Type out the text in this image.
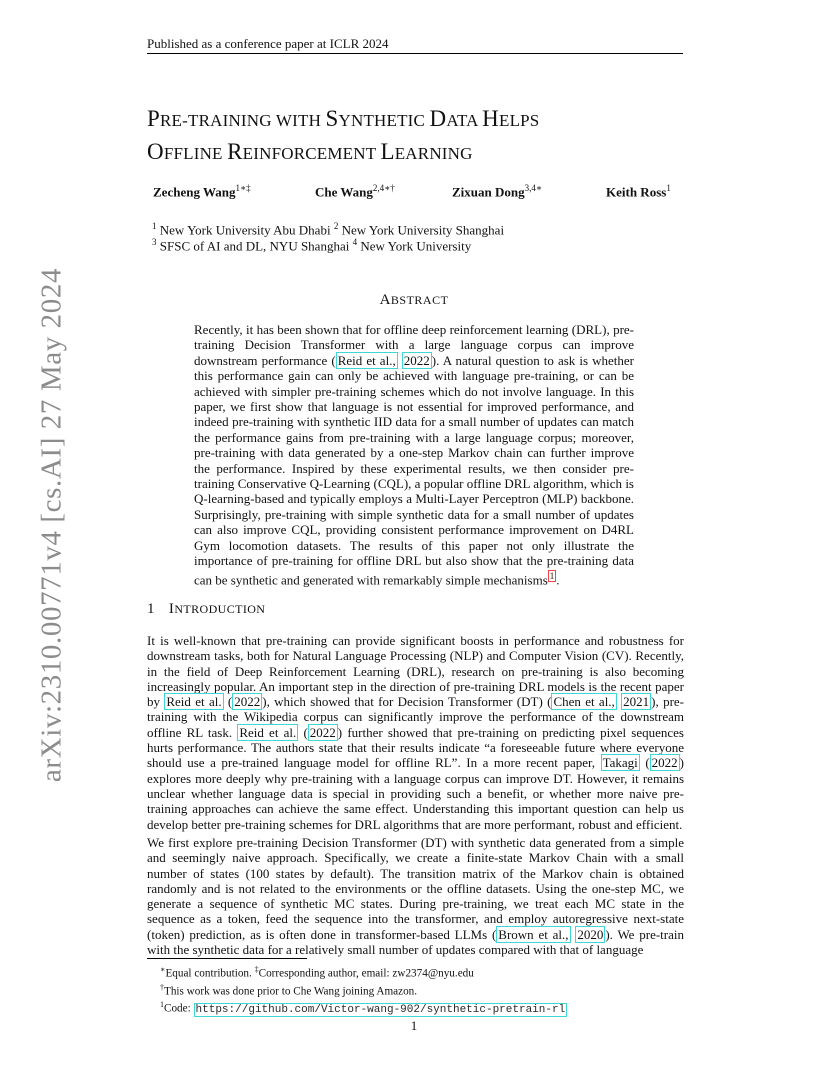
Published as a conference paper at ICLR 2024
PRE-TRAINING WITH SYNTHETIC DATA HELPS
OFFLINE REINFORCEMENT LEARNING
Zecheng Wang$^{1∗\ddagger}$	Che Wang$^{2,4∗\dagger}$	Zixuan Dong$^{3,4∗}$	Keith Ross$^1$
$^1$ New York University Abu Dhabi $^2$ New York University Shanghai
$^3$ SFSC of AI and DL, NYU Shanghai $^4$ New York University
ABSTRACT
Recently, it has been shown that for offline deep reinforcement learning (DRL), pre-training Decision Transformer with a large language corpus can improve downstream performance ( Reid et al., 2022 ). A natural question to ask is whether this performance gain can only be achieved with language pre-training, or can be achieved with simpler pre-training schemes which do not involve language. In this paper, we first show that language is not essential for improved performance, and indeed pre-training with synthetic IID data for a small number of updates can match the performance gains from pre-training with a large language corpus; moreover, pre-training with data generated by a one-step Markov chain can further improve the performance. Inspired by these experimental results, we then consider pre-training Conservative Q-Learning (CQL), a popular offline DRL algorithm, which is Q-learning-based and typically employs a Multi-Layer Perceptron (MLP) backbone. Surprisingly, pre-training with simple synthetic data for a small number of updates can also improve CQL, providing consistent performance improvement on D4RL Gym locomotion datasets. The results of this paper not only illustrate the importance of pre-training for offline DRL but also show that the pre-training data can be synthetic and generated with remarkably simple mechanisms $^1$ .
1 INTRODUCTION
It is well-known that pre-training can provide significant boosts in performance and robustness for downstream tasks, both for Natural Language Processing (NLP) and Computer Vision (CV). Recently, in the field of Deep Reinforcement Learning (DRL), research on pre-training is also becoming increasingly popular. An important step in the direction of pre-training DRL models is the recent paper by Reid et al. ( 2022 ), which showed that for Decision Transformer (DT) ( Chen et al., 2021 ), pre-training with the Wikipedia corpus can significantly improve the performance of the downstream offline RL task. Reid et al. ( 2022 ) further showed that pre-training on predicting pixel sequences hurts performance. The authors state that their results indicate “a foreseeable future where everyone should use a pre-trained language model for offline RL”. In a more recent paper, Takagi ( 2022 ) explores more deeply why pre-training with a language corpus can improve DT. However, it remains unclear whether language data is special in providing such a benefit, or whether more naive pre-training approaches can achieve the same effect. Understanding this important question can help us develop better pre-training schemes for DRL algorithms that are more performant, robust and efficient.
We first explore pre-training Decision Transformer (DT) with synthetic data generated from a simple and seemingly naive approach. Specifically, we create a finite-state Markov Chain with a small number of states (100 states by default). The transition matrix of the Markov chain is obtained randomly and is not related to the environments or the offline datasets. Using the one-step MC, we generate a sequence of synthetic MC states. During pre-training, we treat each MC state in the sequence as a token, feed the sequence into the transformer, and employ autoregressive next-state (token) prediction, as is often done in transformer-based LLMs ( Brown et al., 2020 ). We pre-train with the synthetic data for a relatively small number of updates compared with that of language
∗Equal contribution. ‡Corresponding author, email: zw2374@nyu.edu
†This work was done prior to Che Wang joining Amazon.
$^1$Code: https://github.com/Victor-wang-902/synthetic-pretrain-rl
1
arXiv:2310.00771v4 [cs.AI] 27 May 2024
